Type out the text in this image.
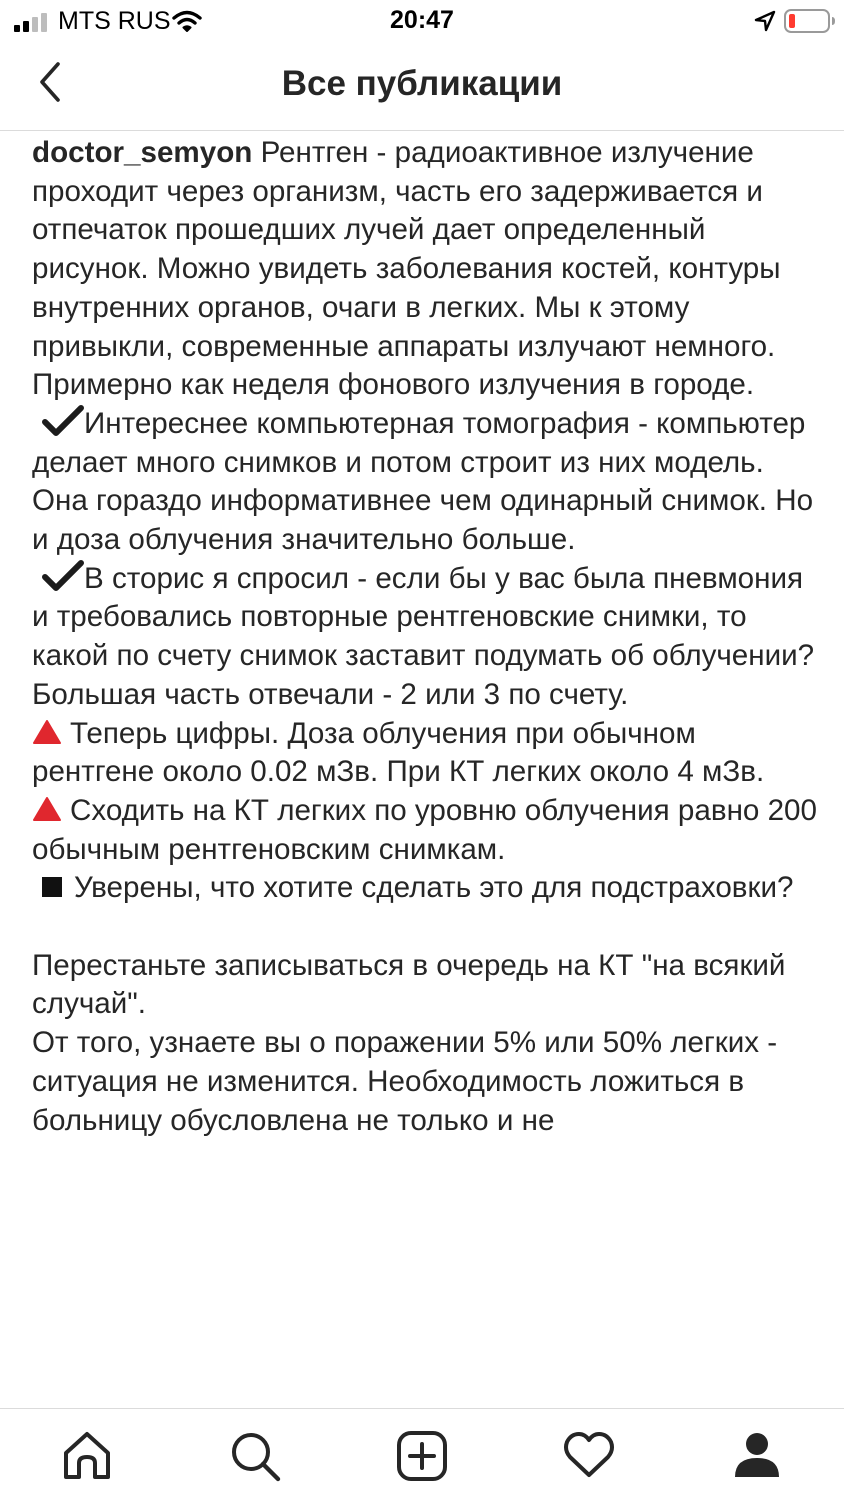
MTS RUS	20:47
Все публикации

doctor_semyon Рентген - радиоактивное излучение проходит через организм, часть его задерживается и отпечаток прошедших лучей дает определенный рисунок. Можно увидеть заболевания костей, контуры внутренних органов, очаги в легких. Мы к этому привыкли, современные аппараты излучают немного. Примерно как неделя фонового излучения в городе.

Интереснее компьютерная томография - компьютер делает много снимков и потом строит из них модель. Она гораздо информативнее чем одинарный снимок. Но и доза облучения значительно больше.

В сторис я спросил - если бы у вас была пневмония и требовались повторные рентгеновские снимки, то какой по счету снимок заставит подумать об облучении? Большая часть отвечали - 2 или 3 по счету.

Теперь цифры. Доза облучения при обычном рентгене около 0.02 мЗв. При КТ легких около 4 мЗв.

Сходить на КТ легких по уровню облучения равно 200 обычным рентгеновским снимкам.

Уверены, что хотите сделать это для подстраховки?

Перестаньте записываться в очередь на КТ "на всякий случай".

От того, узнаете вы о поражении 5% или 50% легких - ситуация не изменится. Необходимость ложиться в больницу обусловлена не только и не
